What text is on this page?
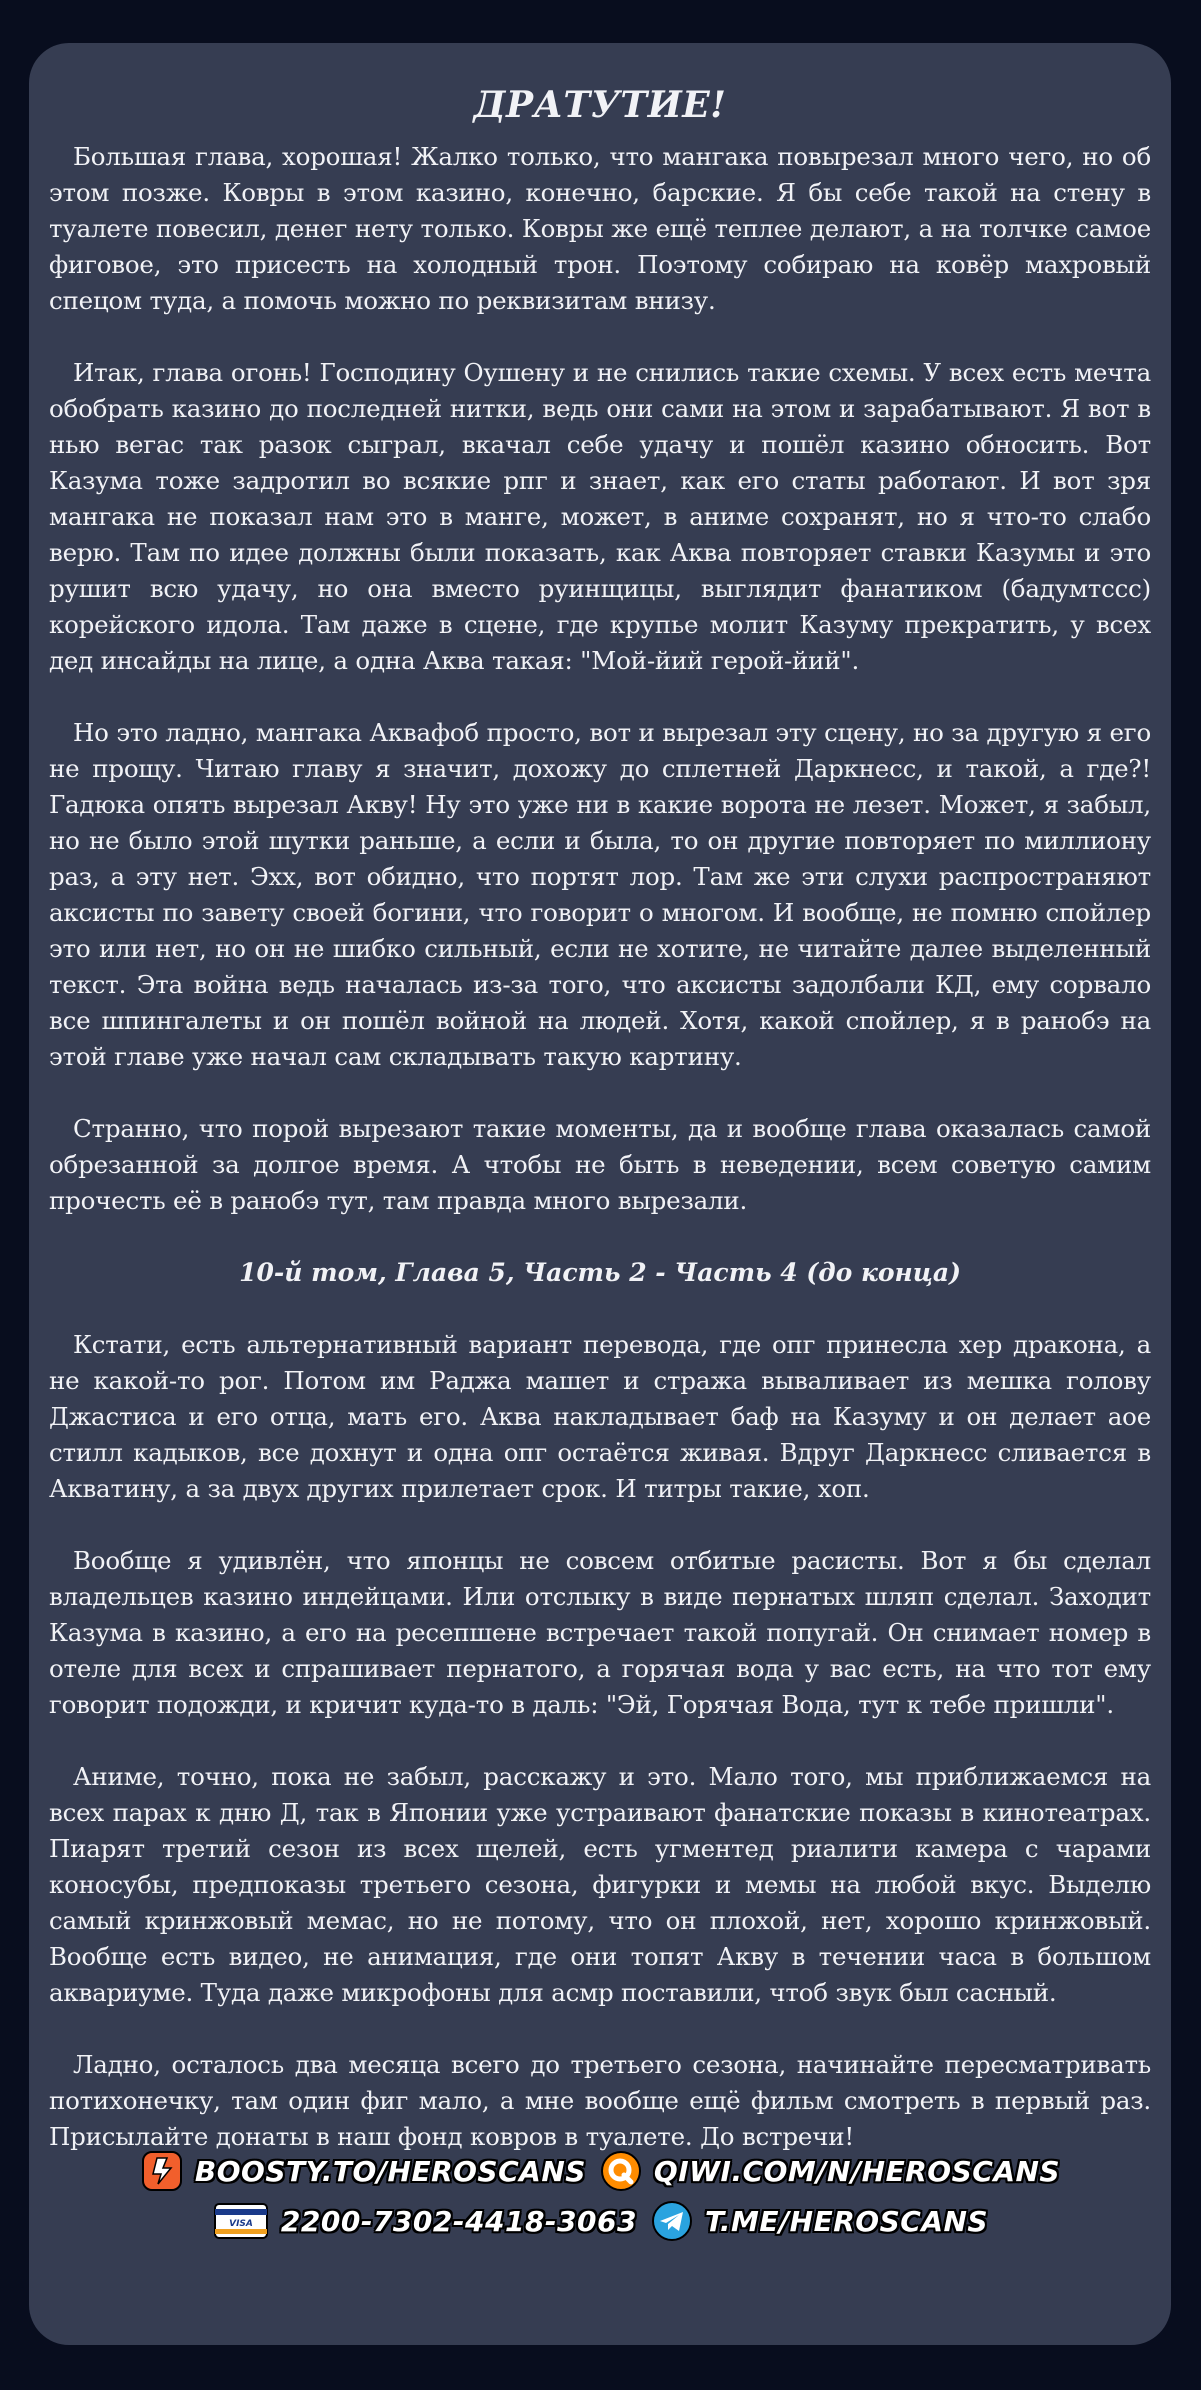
ДРАТУТИЕ!

Большая глава, хорошая! Жалко только, что мангака повырезал много чего, но об этом позже. Ковры в этом казино, конечно, барские. Я бы себе такой на стену в туалете повесил, денег нету только. Ковры же ещё теплее делают, а на толчке самое фиговое, это присесть на холодный трон. Поэтому собираю на ковёр махровый спецом туда, а помочь можно по реквизитам внизу.

Итак, глава огонь! Господину Оушену и не снились такие схемы. У всех есть мечта обобрать казино до последней нитки, ведь они сами на этом и зарабатывают. Я вот в нью вегас так разок сыграл, вкачал себе удачу и пошёл казино обносить. Вот Казума тоже задротил во всякие рпг и знает, как его статы работают. И вот зря мангака не показал нам это в манге, может, в аниме сохранят, но я что-то слабо верю. Там по идее должны были показать, как Аква повторяет ставки Казумы и это рушит всю удачу, но она вместо руинщицы, выглядит фанатиком (бадумтссс) корейского идола. Там даже в сцене, где крупье молит Казуму прекратить, у всех дед инсайды на лице, а одна Аква такая: "Мой-йий герой-йий".

Но это ладно, мангака Аквафоб просто, вот и вырезал эту сцену, но за другую я его не прощу. Читаю главу я значит, дохожу до сплетней Даркнесс, и такой, а где?! Гадюка опять вырезал Акву! Ну это уже ни в какие ворота не лезет. Может, я забыл, но не было этой шутки раньше, а если и была, то он другие повторяет по миллиону раз, а эту нет. Эхх, вот обидно, что портят лор. Там же эти слухи распространяют аксисты по завету своей богини, что говорит о многом. И вообще, не помню спойлер это или нет, но он не шибко сильный, если не хотите, не читайте далее выделенный текст. Эта война ведь началась из-за того, что аксисты задолбали КД, ему сорвало все шпингалеты и он пошёл войной на людей. Хотя, какой спойлер, я в ранобэ на этой главе уже начал сам складывать такую картину.

Странно, что порой вырезают такие моменты, да и вообще глава оказалась самой обрезанной за долгое время. А чтобы не быть в неведении, всем советую самим прочесть её в ранобэ тут, там правда много вырезали.

10-й том, Глава 5, Часть 2 - Часть 4 (до конца)

Кстати, есть альтернативный вариант перевода, где опг принесла хер дракона, а не какой-то рог. Потом им Раджа машет и стража вываливает из мешка голову Джастиса и его отца, мать его. Аква накладывает баф на Казуму и он делает аое стилл кадыков, все дохнут и одна опг остаётся живая. Вдруг Даркнесс сливается в Акватину, а за двух других прилетает срок. И титры такие, хоп.

Вообще я удивлён, что японцы не совсем отбитые расисты. Вот я бы сделал владельцев казино индейцами. Или отслыку в виде пернатых шляп сделал. Заходит Казума в казино, а его на ресепшене встречает такой попугай. Он снимает номер в отеле для всех и спрашивает пернатого, а горячая вода у вас есть, на что тот ему говорит подожди, и кричит куда-то в даль: "Эй, Горячая Вода, тут к тебе пришли".

Аниме, точно, пока не забыл, расскажу и это. Мало того, мы приближаемся на всех парах к дню Д, так в Японии уже устраивают фанатские показы в кинотеатрах. Пиарят третий сезон из всех щелей, есть угментед риалити камера с чарами коносубы, предпоказы третьего сезона, фигурки и мемы на любой вкус. Выделю самый кринжовый мемас, но не потому, что он плохой, нет, хорошо кринжовый. Вообще есть видео, не анимация, где они топят Акву в течении часа в большом аквариуме. Туда даже микрофоны для асмр поставили, чтоб звук был сасный.

Ладно, осталось два месяца всего до третьего сезона, начинайте пересматривать потихонечку, там один фиг мало, а мне вообще ещё фильм смотреть в первый раз. Присылайте донаты в наш фонд ковров в туалете. До встречи!

BOOSTY.TO/HEROSCANS QIWI.COM/N/HEROSCANS
VISA 2200-7302-4418-3063 T.ME/HEROSCANS
